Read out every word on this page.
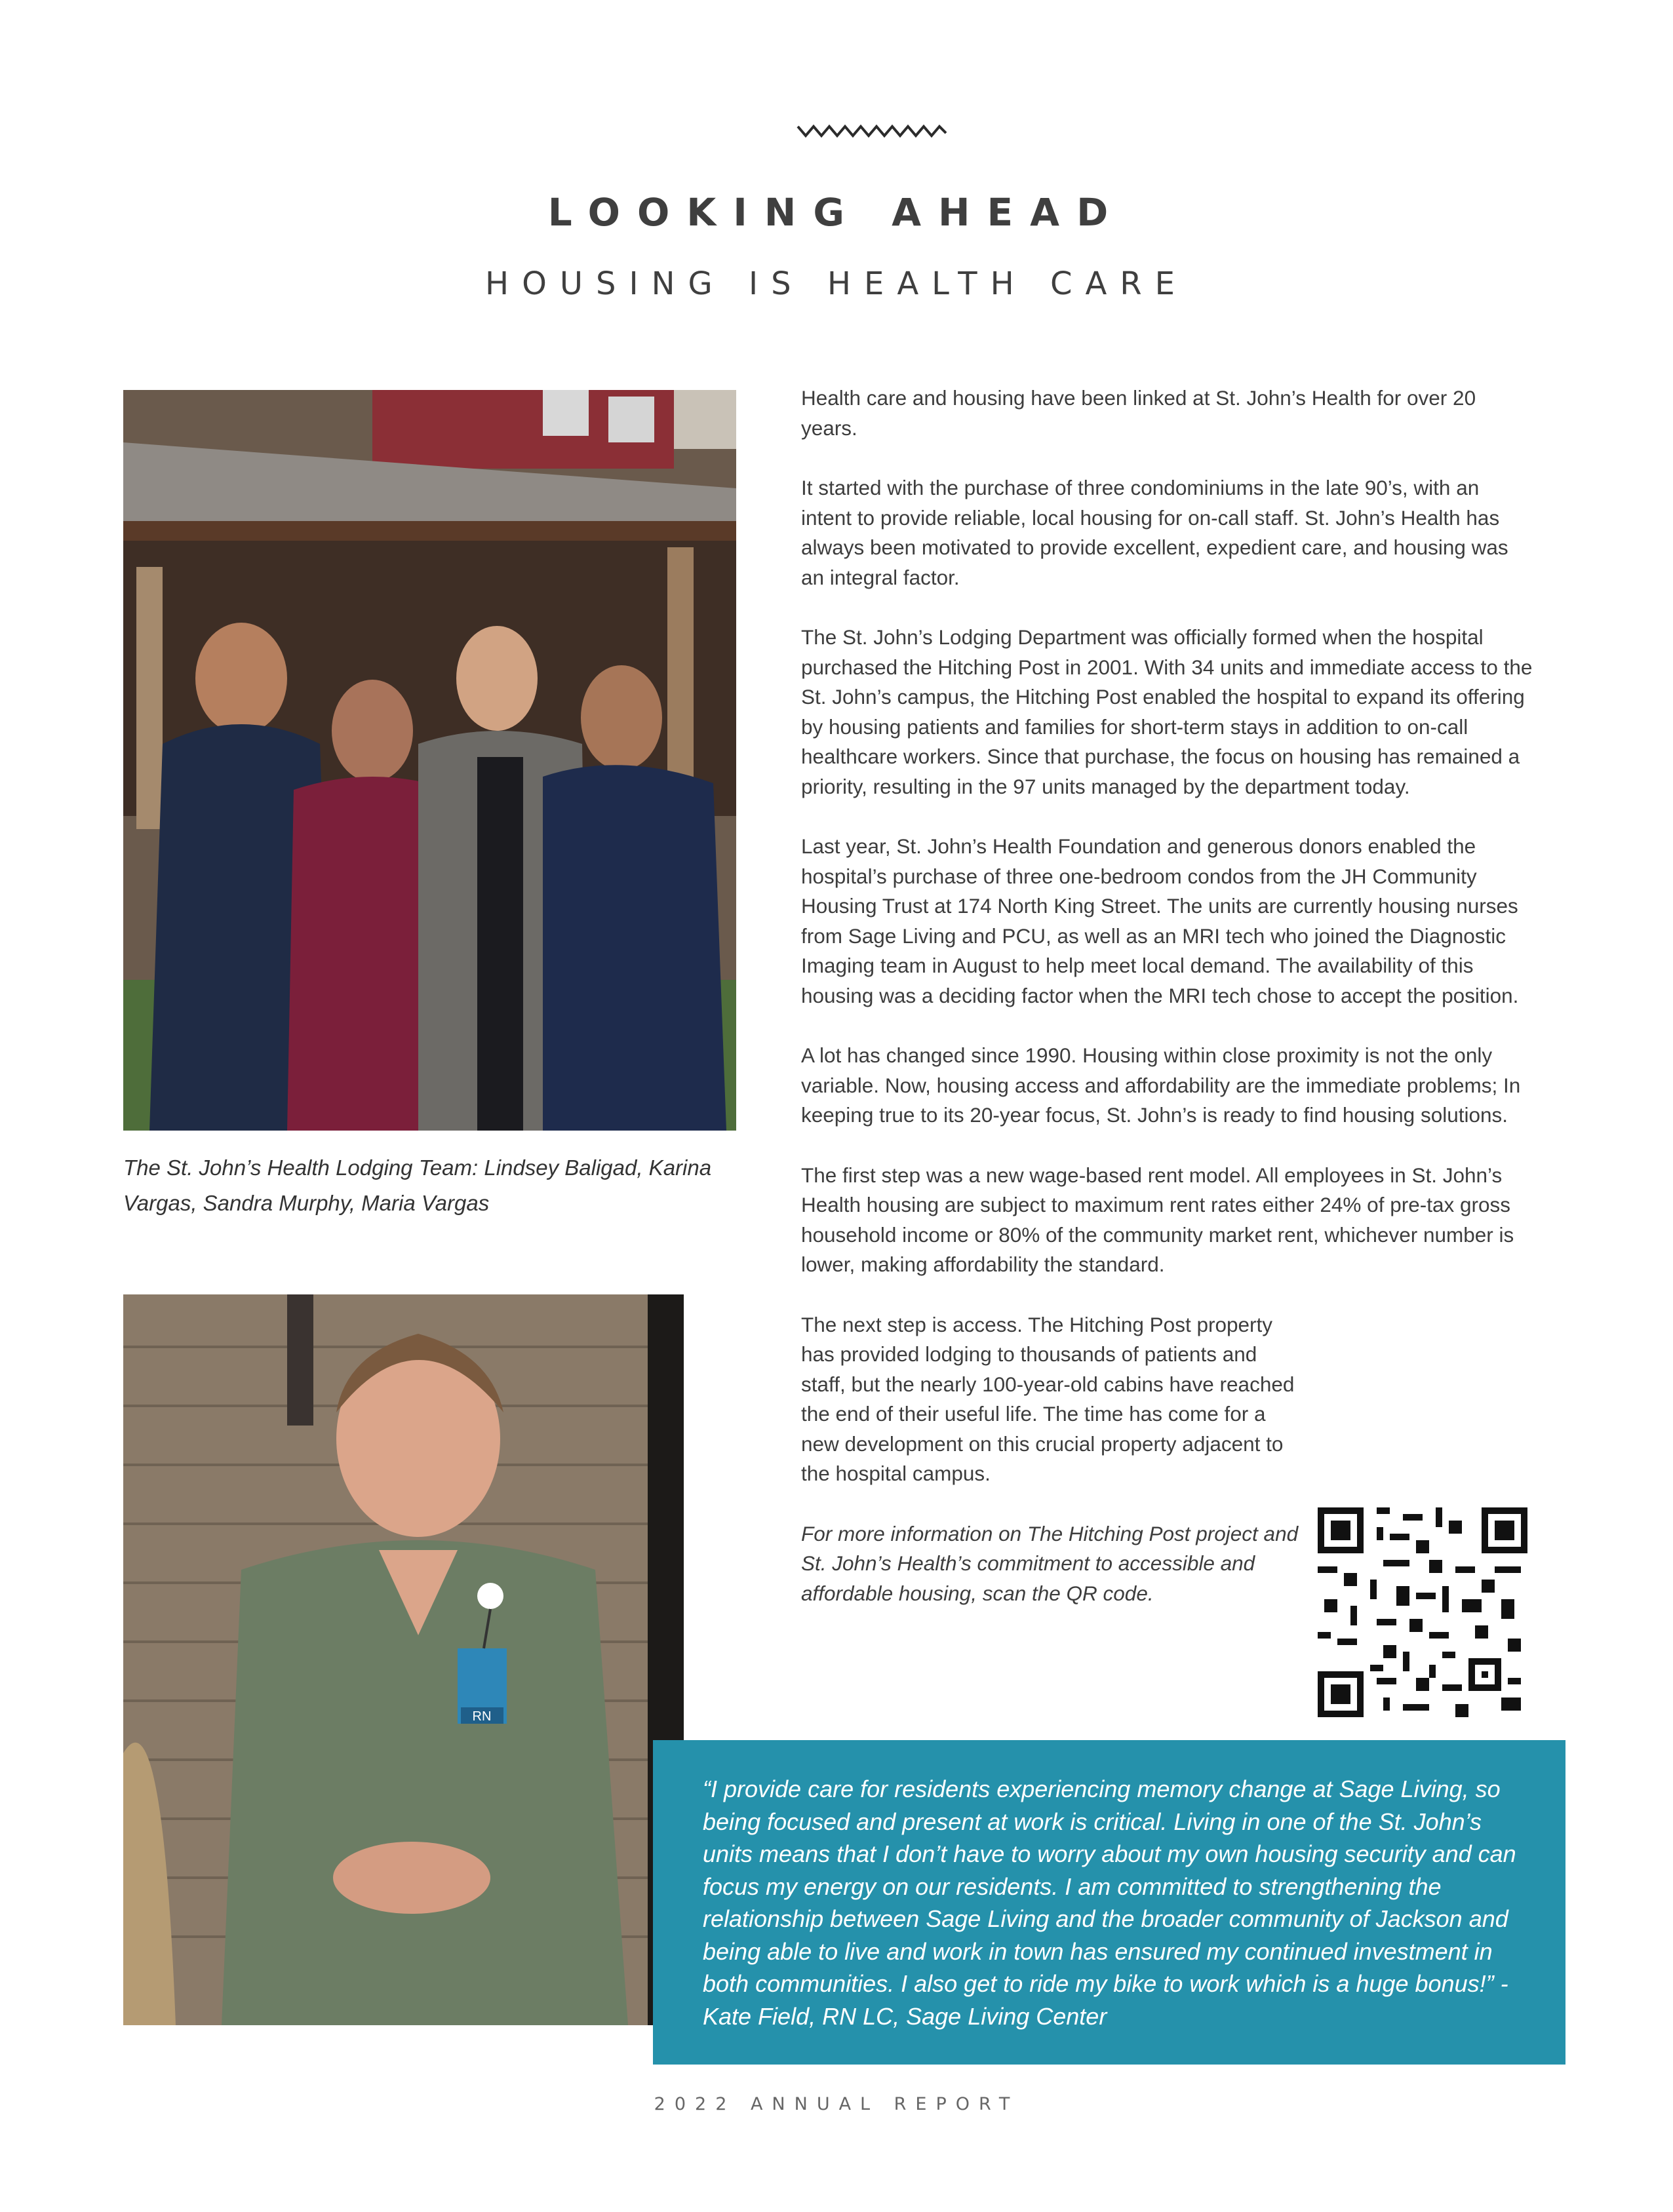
LOOKING AHEAD
HOUSING IS HEALTH CARE
The St. John’s Health Lodging Team: Lindsey Baligad, Karina Vargas, Sandra Murphy, Maria Vargas
RN

Health care and housing have been linked at St. John’s Health for over 20 years.

It started with the purchase of three condominiums in the late 90’s, with an intent to provide reliable, local housing for on-call staff. St. John’s Health has always been motivated to provide excellent, expedient care, and housing was an integral factor.

The St. John’s Lodging Department was officially formed when the hospital purchased the Hitching Post in 2001. With 34 units and immediate access to the St. John’s campus, the Hitching Post enabled the hospital to expand its offering by housing patients and families for short-term stays in addition to on-call healthcare workers. Since that purchase, the focus on housing has remained a priority, resulting in the 97 units managed by the department today.

Last year, St. John’s Health Foundation and generous donors enabled the hospital’s purchase of three one-bedroom condos from the JH Community Housing Trust at 174 North King Street. The units are currently housing nurses from Sage Living and PCU, as well as an MRI tech who joined the Diagnostic Imaging team in August to help meet local demand. The availability of this housing was a deciding factor when the MRI tech chose to accept the position.

A lot has changed since 1990. Housing within close proximity is not the only variable. Now, housing access and affordability are the immediate problems; In keeping true to its 20-year focus, St. John’s is ready to find housing solutions.

The first step was a new wage-based rent model. All employees in St. John’s Health housing are subject to maximum rent rates either 24% of pre-tax gross household income or 80% of the community market rent, whichever number is lower, making affordability the standard.

The next step is access. The Hitching Post property has provided lodging to thousands of patients and staff, but the nearly 100-year-old cabins have reached the end of their useful life. The time has come for a new development on this crucial property adjacent to the hospital campus.

For more information on The Hitching Post project and St. John’s Health’s commitment to accessible and affordable housing, scan the QR code.

“I provide care for residents experiencing memory change at Sage Living, so being focused and present at work is critical. Living in one of the St. John’s units means that I don’t have to worry about my own housing security and can focus my energy on our residents. I am committed to strengthening the relationship between Sage Living and the broader community of Jackson and being able to live and work in town has ensured my continued investment in both communities. I also get to ride my bike to work which is a huge bonus!” - Kate Field, RN LC, Sage Living Center
2022 ANNUAL REPORT
